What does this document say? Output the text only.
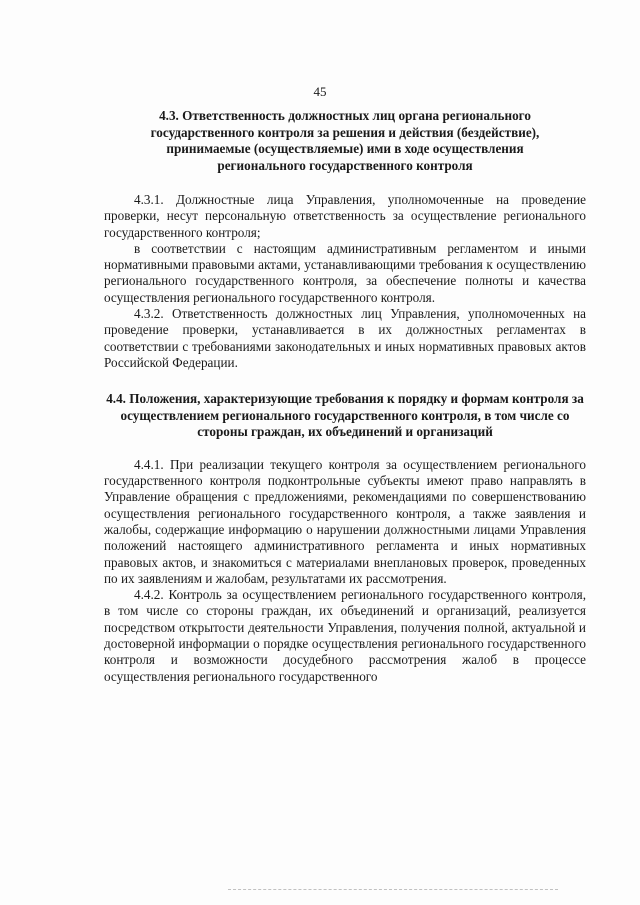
45

4.3. Ответственность должностных лиц органа регионального государственного контроля за решения и действия (бездействие), принимаемые (осуществляемые) ими в ходе осуществления регионального государственного контроля

4.3.1. Должностные лица Управления, уполномоченные на проведение проверки, несут персональную ответственность за осуществление регионального государственного контроля;

в соответствии с настоящим административным регламентом и иными нормативными правовыми актами, устанавливающими требования к осуществлению регионального государственного контроля, за обеспечение полноты и качества осуществления регионального государственного контроля.

4.3.2. Ответственность должностных лиц Управления, уполномоченных на проведение проверки, устанавливается в их должностных регламентах в соответствии с требованиями законодательных и иных нормативных правовых актов Российской Федерации.

4.4. Положения, характеризующие требования к порядку и формам контроля за осуществлением регионального государственного контроля, в том числе со стороны граждан, их объединений и организаций

4.4.1. При реализации текущего контроля за осуществлением регионального государственного контроля подконтрольные субъекты имеют право направлять в Управление обращения с предложениями, рекомендациями по совершенствованию осуществления регионального государственного контроля, а также заявления и жалобы, содержащие информацию о нарушении должностными лицами Управления положений настоящего административного регламента и иных нормативных правовых актов, и знакомиться с материалами внеплановых проверок, проведенных по их заявлениям и жалобам, результатами их рассмотрения.

4.4.2. Контроль за осуществлением регионального государственного контроля, в том числе со стороны граждан, их объединений и организаций, реализуется посредством открытости деятельности Управления, получения полной, актуальной и достоверной информации о порядке осуществления регионального государственного контроля и возможности досудебного рассмотрения жалоб в процессе осуществления регионального государственного
